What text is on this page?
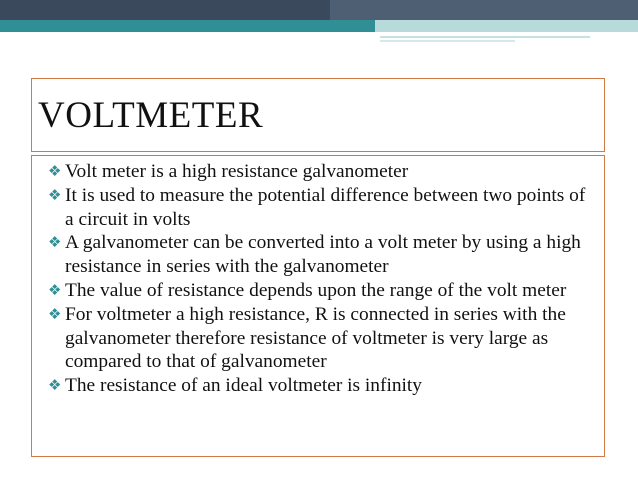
VOLTMETER
❖ Volt meter is a high resistance galvanometer
❖ It is used to measure the potential difference between two points of a circuit in volts
❖ A galvanometer can be converted into a volt meter by using a high resistance in series with the galvanometer
❖ The value of resistance depends upon the range of the volt meter
❖ For voltmeter a high resistance, R is connected in series with the galvanometer therefore resistance of voltmeter is very large as compared to that of galvanometer
❖ The resistance of an ideal voltmeter is infinity
